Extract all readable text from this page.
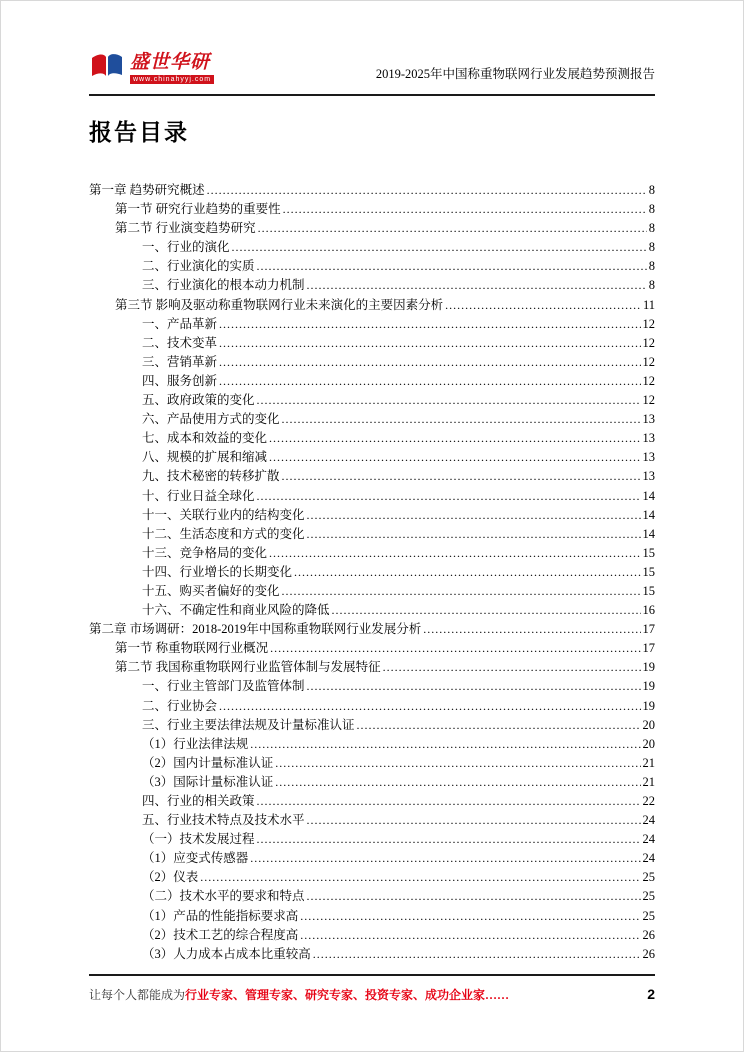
盛世华研
www.chinahyyj.com	2019-2025年中国称重物联网行业发展趋势预测报告
报告目录
第一章 趋势研究概述 .....	8
第一节 研究行业趋势的重要性 .....	8
第二节 行业演变趋势研究 .....	8
一、行业的演化 .....	8
二、行业演化的实质 .....	8
三、行业演化的根本动力机制 .....	8
第三节 影响及驱动称重物联网行业未来演化的主要因素分析 .....	11
一、产品革新 .....	12
二、技术变革 .....	12
三、营销革新 .....	12
四、服务创新 .....	12
五、政府政策的变化 .....	12
六、产品使用方式的变化 .....	13
七、成本和效益的变化 .....	13
八、规模的扩展和缩减 .....	13
九、技术秘密的转移扩散 .....	13
十、行业日益全球化 .....	14
十一、关联行业内的结构变化 .....	14
十二、生活态度和方式的变化 .....	14
十三、竞争格局的变化 .....	15
十四、行业增长的长期变化 .....	15
十五、购买者偏好的变化 .....	15
十六、不确定性和商业风险的降低 .....	16
第二章 市场调研：2018-2019年中国称重物联网行业发展分析 .....	17
第一节 称重物联网行业概况 .....	17
第二节 我国称重物联网行业监管体制与发展特征 .....	19
一、行业主管部门及监管体制 .....	19
二、行业协会 .....	19
三、行业主要法律法规及计量标准认证 .....	20
（1）行业法律法规 .....	20
（2）国内计量标准认证 .....	21
（3）国际计量标准认证 .....	21
四、行业的相关政策 .....	22
五、行业技术特点及技术水平 .....	24
（一）技术发展过程 .....	24
（1）应变式传感器 .....	24
（2）仪表 .....	25
（二）技术水平的要求和特点 .....	25
（1）产品的性能指标要求高 .....	25
（2）技术工艺的综合程度高 .....	26
（3）人力成本占成本比重较高 .....	26
让每个人都能成为行业专家、管理专家、研究专家、投资专家、成功企业家……	2
